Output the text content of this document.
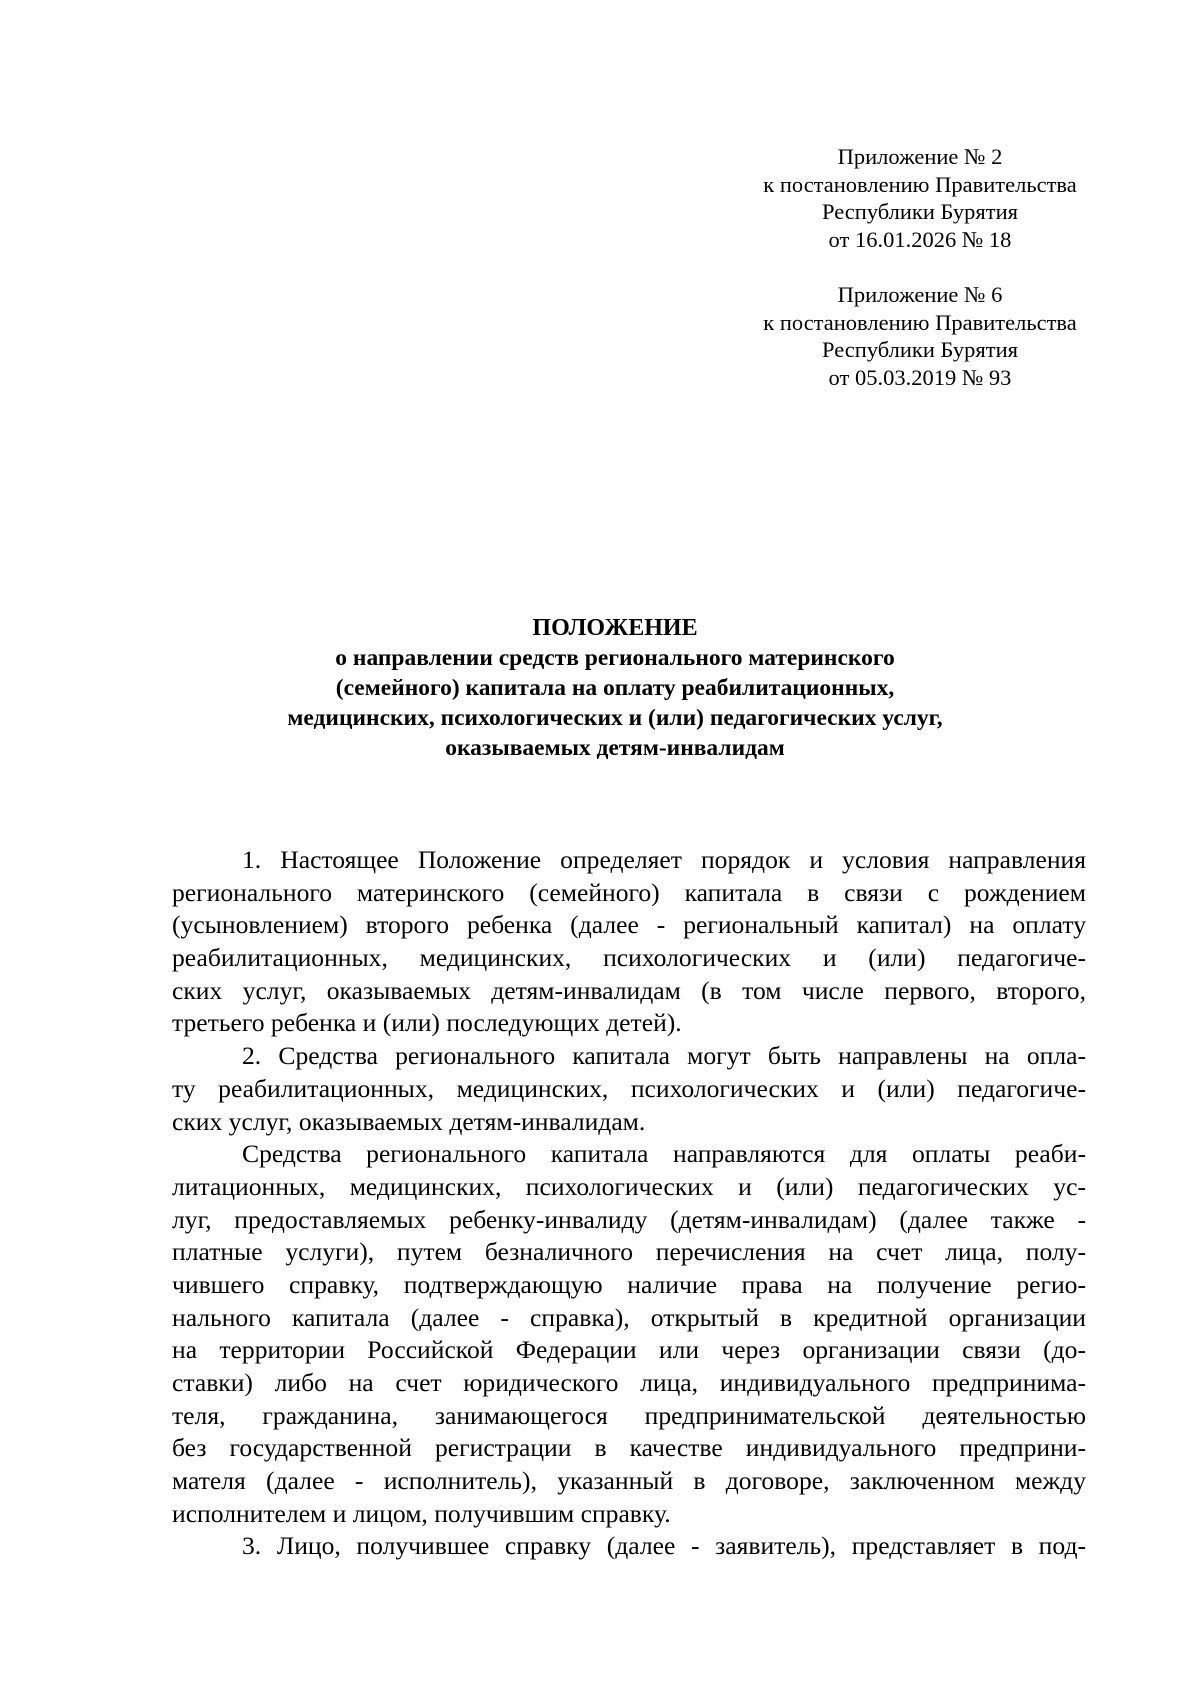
Приложение № 2
к постановлению Правительства
Республики Бурятия
от 16.01.2026 № 18
Приложение № 6
к постановлению Правительства
Республики Бурятия
от 05.03.2019 № 93
ПОЛОЖЕНИЕ
о направлении средств регионального материнского
(семейного) капитала на оплату реабилитационных,
медицинских, психологических и (или) педагогических услуг,
оказываемых детям-инвалидам
1. Настоящее Положение определяет порядок и условия направления
регионального материнского (семейного) капитала в связи с рождением
(усыновлением) второго ребенка (далее - региональный капитал) на оплату
реабилитационных, медицинских, психологических и (или) педагогиче-
ских услуг, оказываемых детям-инвалидам (в том числе первого, второго,
третьего ребенка и (или) последующих детей).
2. Средства регионального капитала могут быть направлены на опла-
ту реабилитационных, медицинских, психологических и (или) педагогиче-
ских услуг, оказываемых детям-инвалидам.
Средства регионального капитала направляются для оплаты реаби-
литационных, медицинских, психологических и (или) педагогических ус-
луг, предоставляемых ребенку-инвалиду (детям-инвалидам) (далее также -
платные услуги), путем безналичного перечисления на счет лица, полу-
чившего справку, подтверждающую наличие права на получение регио-
нального капитала (далее - справка), открытый в кредитной организации
на территории Российской Федерации или через организации связи (до-
ставки) либо на счет юридического лица, индивидуального предпринима-
теля, гражданина, занимающегося предпринимательской деятельностью
без государственной регистрации в качестве индивидуального предприни-
мателя (далее - исполнитель), указанный в договоре, заключенном между
исполнителем и лицом, получившим справку.
3. Лицо, получившее справку (далее - заявитель), представляет в под-
